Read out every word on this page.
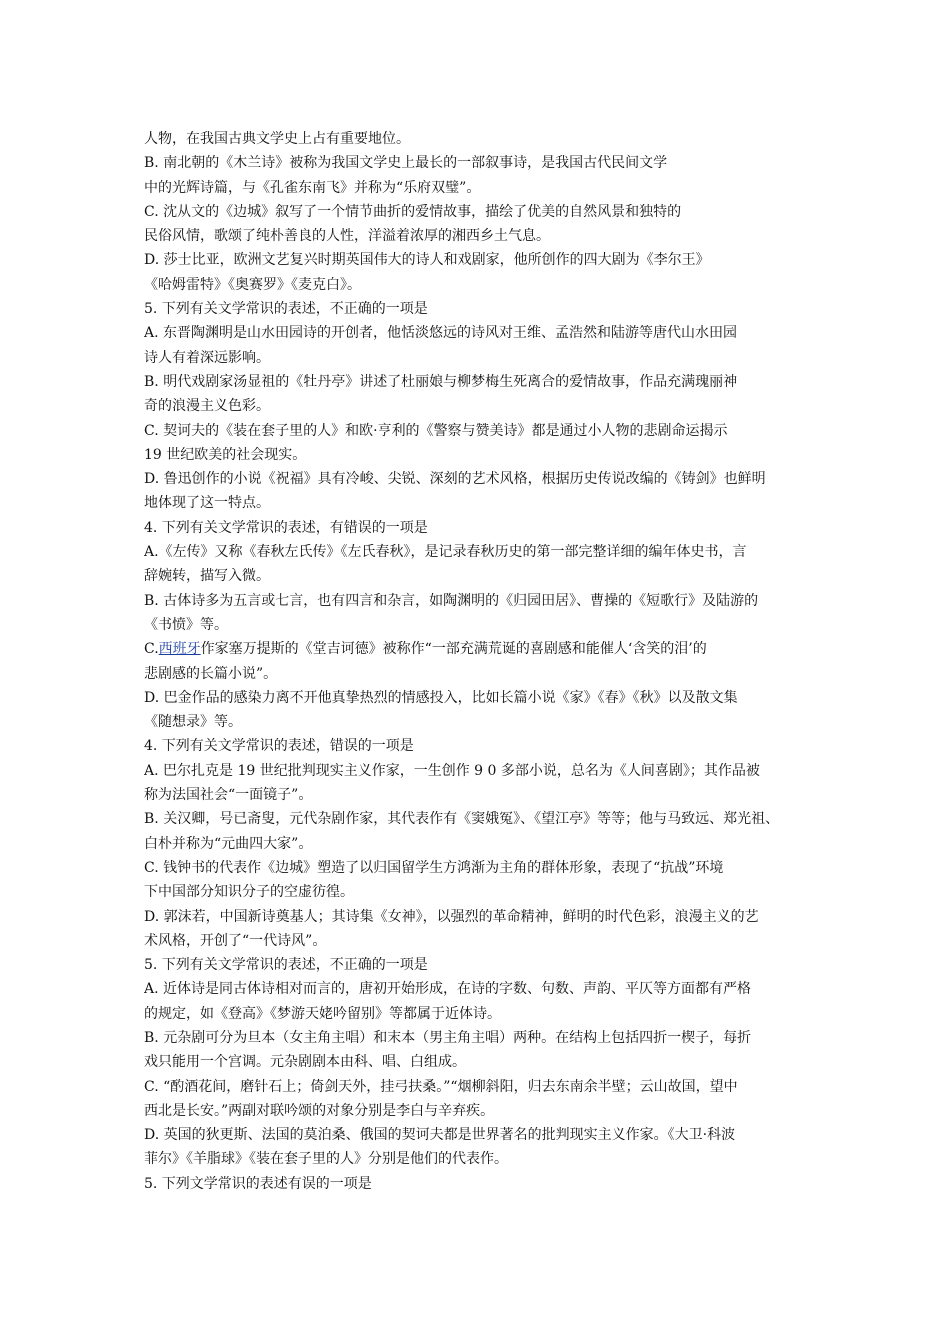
人物，在我国古典文学史上占有重要地位。
B. 南北朝的《木兰诗》被称为我国文学史上最长的一部叙事诗，是我国古代民间文学
中的光辉诗篇，与《孔雀东南飞》并称为“乐府双璧”。
C. 沈从文的《边城》叙写了一个情节曲折的爱情故事，描绘了优美的自然风景和独特的
民俗风情，歌颂了纯朴善良的人性，洋溢着浓厚的湘西乡土气息。
D. 莎士比亚，欧洲文艺复兴时期英国伟大的诗人和戏剧家，他所创作的四大剧为《李尔王》
《哈姆雷特》《奥赛罗》《麦克白》。
5. 下列有关文学常识的表述，不正确的一项是
A. 东晋陶渊明是山水田园诗的开创者，他恬淡悠远的诗风对王维、孟浩然和陆游等唐代山水田园
诗人有着深远影响。
B. 明代戏剧家汤显祖的《牡丹亭》讲述了杜丽娘与柳梦梅生死离合的爱情故事，作品充满瑰丽神
奇的浪漫主义色彩。
C. 契诃夫的《装在套子里的人》和欧·亨利的《警察与赞美诗》都是通过小人物的悲剧命运揭示
19 世纪欧美的社会现实。
D. 鲁迅创作的小说《祝福》具有冷峻、尖锐、深刻的艺术风格，根据历史传说改编的《铸剑》也鲜明
地体现了这一特点。
4. 下列有关文学常识的表述，有错误的一项是
A.《左传》又称《春秋左氏传》《左氏春秋》，是记录春秋历史的第一部完整详细的编年体史书，言
辞婉转，描写入微。
B. 古体诗多为五言或七言，也有四言和杂言，如陶渊明的《归园田居》、曹操的《短歌行》及陆游的
《书愤》等。
C.西班牙作家塞万提斯的《堂吉诃德》被称作“一部充满荒诞的喜剧感和能催人‘含笑的泪’的
悲剧感的长篇小说”。
D. 巴金作品的感染力离不开他真挚热烈的情感投入，比如长篇小说《家》《春》《秋》以及散文集
《随想录》等。
4. 下列有关文学常识的表述，错误的一项是
A. 巴尔扎克是 19 世纪批判现实主义作家，一生创作 9 0 多部小说，总名为《人间喜剧》；其作品被
称为法国社会“一面镜子”。
B. 关汉卿，号已斋叟，元代杂剧作家，其代表作有《窦娥冤》、《望江亭》等等；他与马致远、郑光祖、
白朴并称为“元曲四大家”。
C. 钱钟书的代表作《边城》塑造了以归国留学生方鸿渐为主角的群体形象，表现了“抗战”环境
下中国部分知识分子的空虚彷徨。
D. 郭沫若，中国新诗奠基人；其诗集《女神》，以强烈的革命精神，鲜明的时代色彩，浪漫主义的艺
术风格，开创了“一代诗风”。
5. 下列有关文学常识的表述，不正确的一项是
A. 近体诗是同古体诗相对而言的，唐初开始形成，在诗的字数、句数、声韵、平仄等方面都有严格
的规定，如《登高》《梦游天姥吟留别》等都属于近体诗。
B. 元杂剧可分为旦本（女主角主唱）和末本（男主角主唱）两种。在结构上包括四折一楔子，每折
戏只能用一个宫调。元杂剧剧本由科、唱、白组成。
C. “酌酒花间，磨针石上；倚剑天外，挂弓扶桑。”“烟柳斜阳，归去东南余半壁；云山故国，望中
西北是长安。”两副对联吟颂的对象分别是李白与辛弃疾。
D. 英国的狄更斯、法国的莫泊桑、俄国的契诃夫都是世界著名的批判现实主义作家。《大卫·科波
菲尔》《羊脂球》《装在套子里的人》分别是他们的代表作。
5. 下列文学常识的表述有误的一项是
